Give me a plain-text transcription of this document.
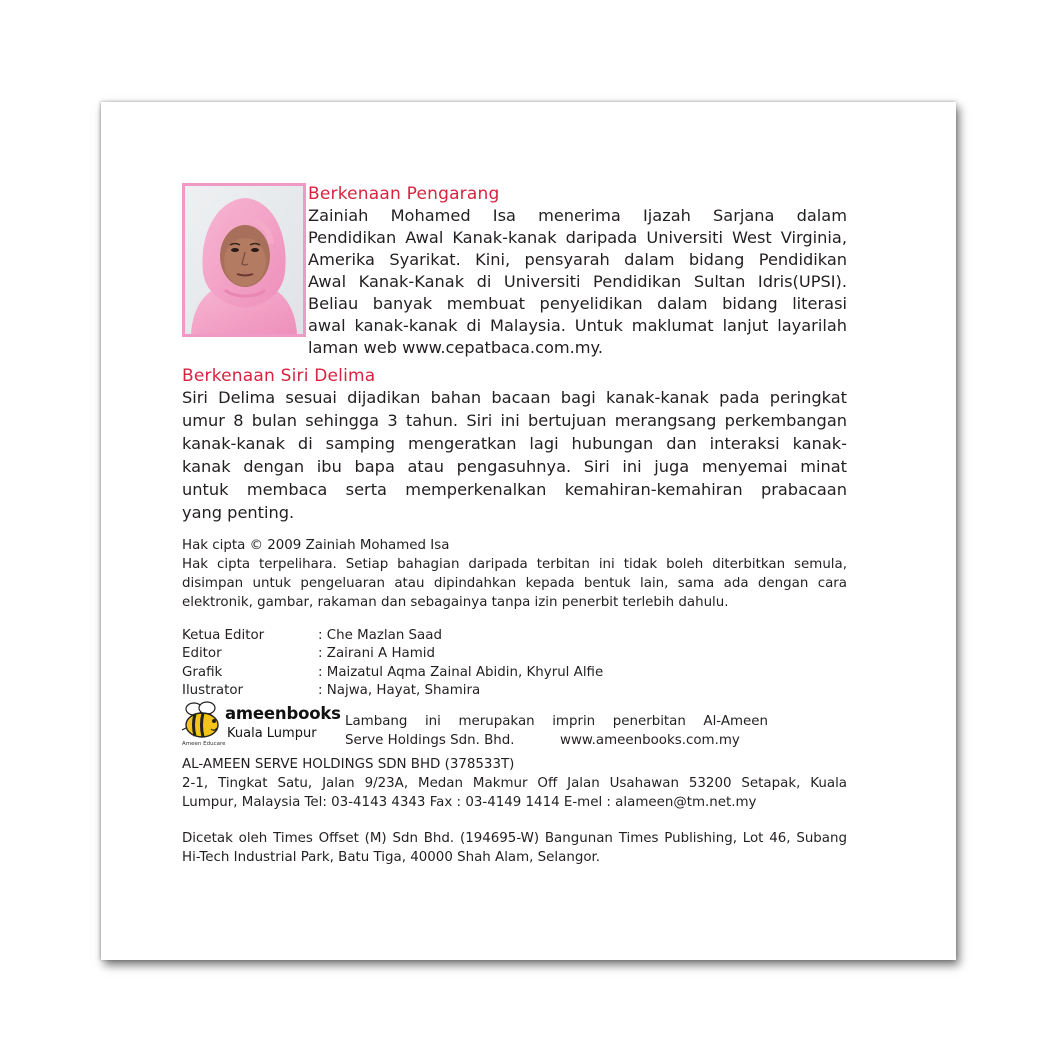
Berkenaan Pengarang
Zainiah Mohamed Isa menerima Ijazah Sarjana dalam
Pendidikan Awal Kanak-kanak daripada Universiti West Virginia,
Amerika Syarikat. Kini, pensyarah dalam bidang Pendidikan
Awal Kanak-Kanak di Universiti Pendidikan Sultan Idris(UPSI).
Beliau banyak membuat penyelidikan dalam bidang literasi
awal kanak-kanak di Malaysia. Untuk maklumat lanjut layarilah
laman web www.cepatbaca.com.my.
Berkenaan Siri Delima
Siri Delima sesuai dijadikan bahan bacaan bagi kanak-kanak pada peringkat
umur 8 bulan sehingga 3 tahun. Siri ini bertujuan merangsang perkembangan
kanak-kanak di samping mengeratkan lagi hubungan dan interaksi kanak-
kanak dengan ibu bapa atau pengasuhnya. Siri ini juga menyemai minat
untuk membaca serta memperkenalkan kemahiran-kemahiran prabacaan
yang penting.
Hak cipta © 2009 Zainiah Mohamed Isa
Hak cipta terpelihara. Setiap bahagian daripada terbitan ini tidak boleh diterbitkan semula,
disimpan untuk pengeluaran atau dipindahkan kepada bentuk lain, sama ada dengan cara
elektronik, gambar, rakaman dan sebagainya tanpa izin penerbit terlebih dahulu.
Ketua Editor	: Che Mazlan Saad
Editor	: Zairani A Hamid
Grafik	: Maizatul Aqma Zainal Abidin, Khyrul Alfie
Ilustrator	: Najwa, Hayat, Shamira
ameenbooks
Kuala Lumpur
Ameen Educare
Lambang ini merupakan imprin penerbitan Al-Ameen
Serve Holdings Sdn. Bhd.	www.ameenbooks.com.my
AL-AMEEN SERVE HOLDINGS SDN BHD (378533T)
2-1, Tingkat Satu, Jalan 9/23A, Medan Makmur Off Jalan Usahawan 53200 Setapak, Kuala
Lumpur, Malaysia Tel: 03-4143 4343 Fax : 03-4149 1414 E-mel : alameen@tm.net.my
Dicetak oleh Times Offset (M) Sdn Bhd. (194695-W) Bangunan Times Publishing, Lot 46, Subang
Hi-Tech Industrial Park, Batu Tiga, 40000 Shah Alam, Selangor.
